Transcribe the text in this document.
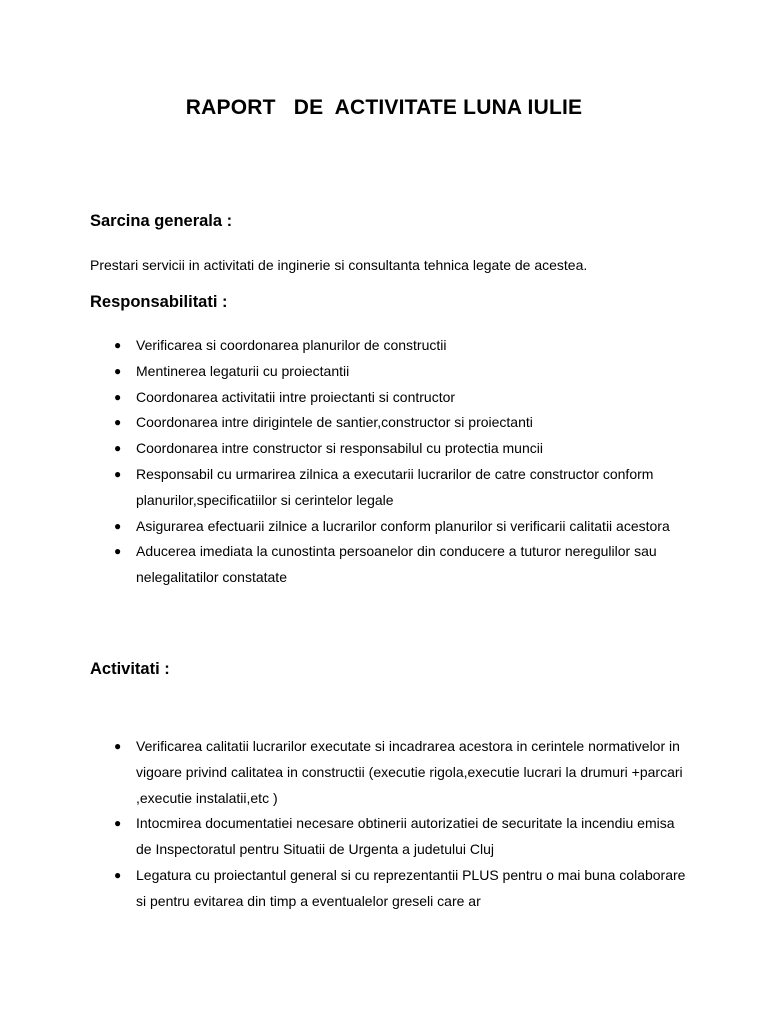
RAPORT   DE  ACTIVITATE LUNA IULIE
Sarcina generala :
Prestari servicii in activitati de inginerie si consultanta tehnica legate de acestea.
Responsabilitati :
● Verificarea si coordonarea planurilor de constructii
● Mentinerea legaturii cu proiectantii
● Coordonarea activitatii intre proiectanti si contructor
● Coordonarea intre dirigintele de santier,constructor si proiectanti
● Coordonarea intre constructor si responsabilul cu protectia muncii
● Responsabil cu urmarirea zilnica a executarii lucrarilor de catre constructor conform planurilor,specificatiilor si cerintelor legale
● Asigurarea efectuarii zilnice a lucrarilor conform planurilor si verificarii calitatii acestora
● Aducerea imediata la cunostinta persoanelor din conducere a tuturor neregulilor sau nelegalitatilor constatate
Activitati :
● Verificarea calitatii lucrarilor executate si incadrarea acestora in cerintele normativelor in vigoare privind calitatea in constructii (executie rigola,executie lucrari la drumuri +parcari ,executie instalatii,etc )
● Intocmirea documentatiei necesare obtinerii autorizatiei de securitate la incendiu emisa de Inspectoratul pentru Situatii de Urgenta a judetului Cluj
● Legatura cu proiectantul general si cu reprezentantii PLUS pentru o mai buna colaborare si pentru evitarea din timp a eventualelor greseli care ar
